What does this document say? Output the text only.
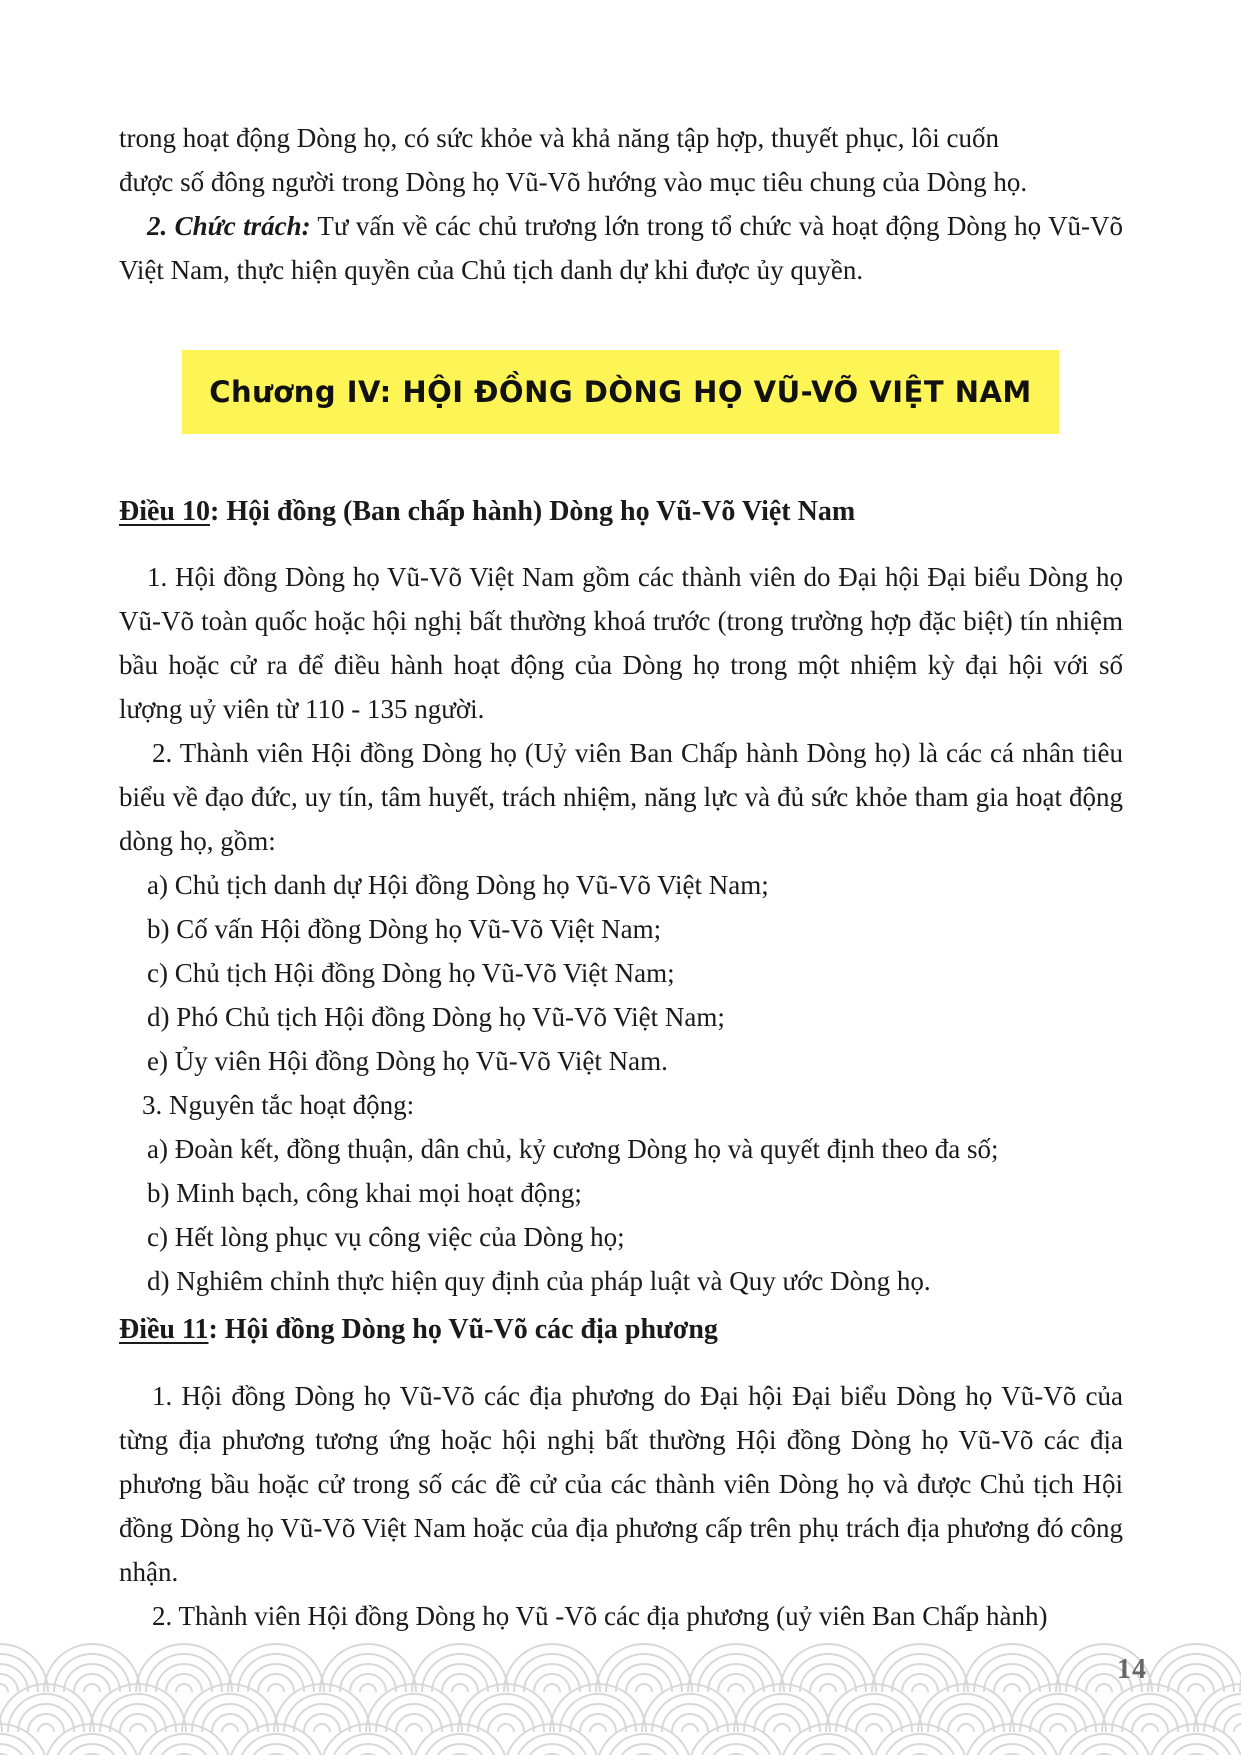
trong hoạt động Dòng họ, có sức khỏe và khả năng tập hợp, thuyết phục, lôi cuốn

được số đông người trong Dòng họ Vũ-Võ hướng vào mục tiêu chung của Dòng họ.

2. Chức trách: Tư vấn về các chủ trương lớn trong tổ chức và hoạt động Dòng họ Vũ-Võ Việt Nam, thực hiện quyền của Chủ tịch danh dự khi được ủy quyền.

Chương IV: HỘI ĐỒNG DÒNG HỌ VŨ-VÕ VIỆT NAM

Điều 10: Hội đồng (Ban chấp hành) Dòng họ Vũ-Võ Việt Nam

1. Hội đồng Dòng họ Vũ-Võ Việt Nam gồm các thành viên do Đại hội Đại biểu Dòng họ Vũ-Võ toàn quốc hoặc hội nghị bất thường khoá trước (trong trường hợp đặc biệt) tín nhiệm bầu hoặc cử ra để điều hành hoạt động của Dòng họ trong một nhiệm kỳ đại hội với số lượng uỷ viên từ 110 - 135 người.

2. Thành viên Hội đồng Dòng họ (Uỷ viên Ban Chấp hành Dòng họ) là các cá nhân tiêu biểu về đạo đức, uy tín, tâm huyết, trách nhiệm, năng lực và đủ sức khỏe tham gia hoạt động dòng họ, gồm:

a) Chủ tịch danh dự Hội đồng Dòng họ Vũ-Võ Việt Nam;

b) Cố vấn Hội đồng Dòng họ Vũ-Võ Việt Nam;

c) Chủ tịch Hội đồng Dòng họ Vũ-Võ Việt Nam;

d) Phó Chủ tịch Hội đồng Dòng họ Vũ-Võ Việt Nam;

e) Ủy viên Hội đồng Dòng họ Vũ-Võ Việt Nam.

3. Nguyên tắc hoạt động:

a) Đoàn kết, đồng thuận, dân chủ, kỷ cương Dòng họ và quyết định theo đa số;

b) Minh bạch, công khai mọi hoạt động;

c) Hết lòng phục vụ công việc của Dòng họ;

d) Nghiêm chỉnh thực hiện quy định của pháp luật và Quy ước Dòng họ.

Điều 11: Hội đồng Dòng họ Vũ-Võ các địa phương

1. Hội đồng Dòng họ Vũ-Võ các địa phương do Đại hội Đại biểu Dòng họ Vũ-Võ của từng địa phương tương ứng hoặc hội nghị bất thường Hội đồng Dòng họ Vũ-Võ các địa phương bầu hoặc cử trong số các đề cử của các thành viên Dòng họ và được Chủ tịch Hội đồng Dòng họ Vũ-Võ Việt Nam hoặc của địa phương cấp trên phụ trách địa phương đó công nhận.

2. Thành viên Hội đồng Dòng họ Vũ -Võ các địa phương (uỷ viên Ban Chấp hành)

14
